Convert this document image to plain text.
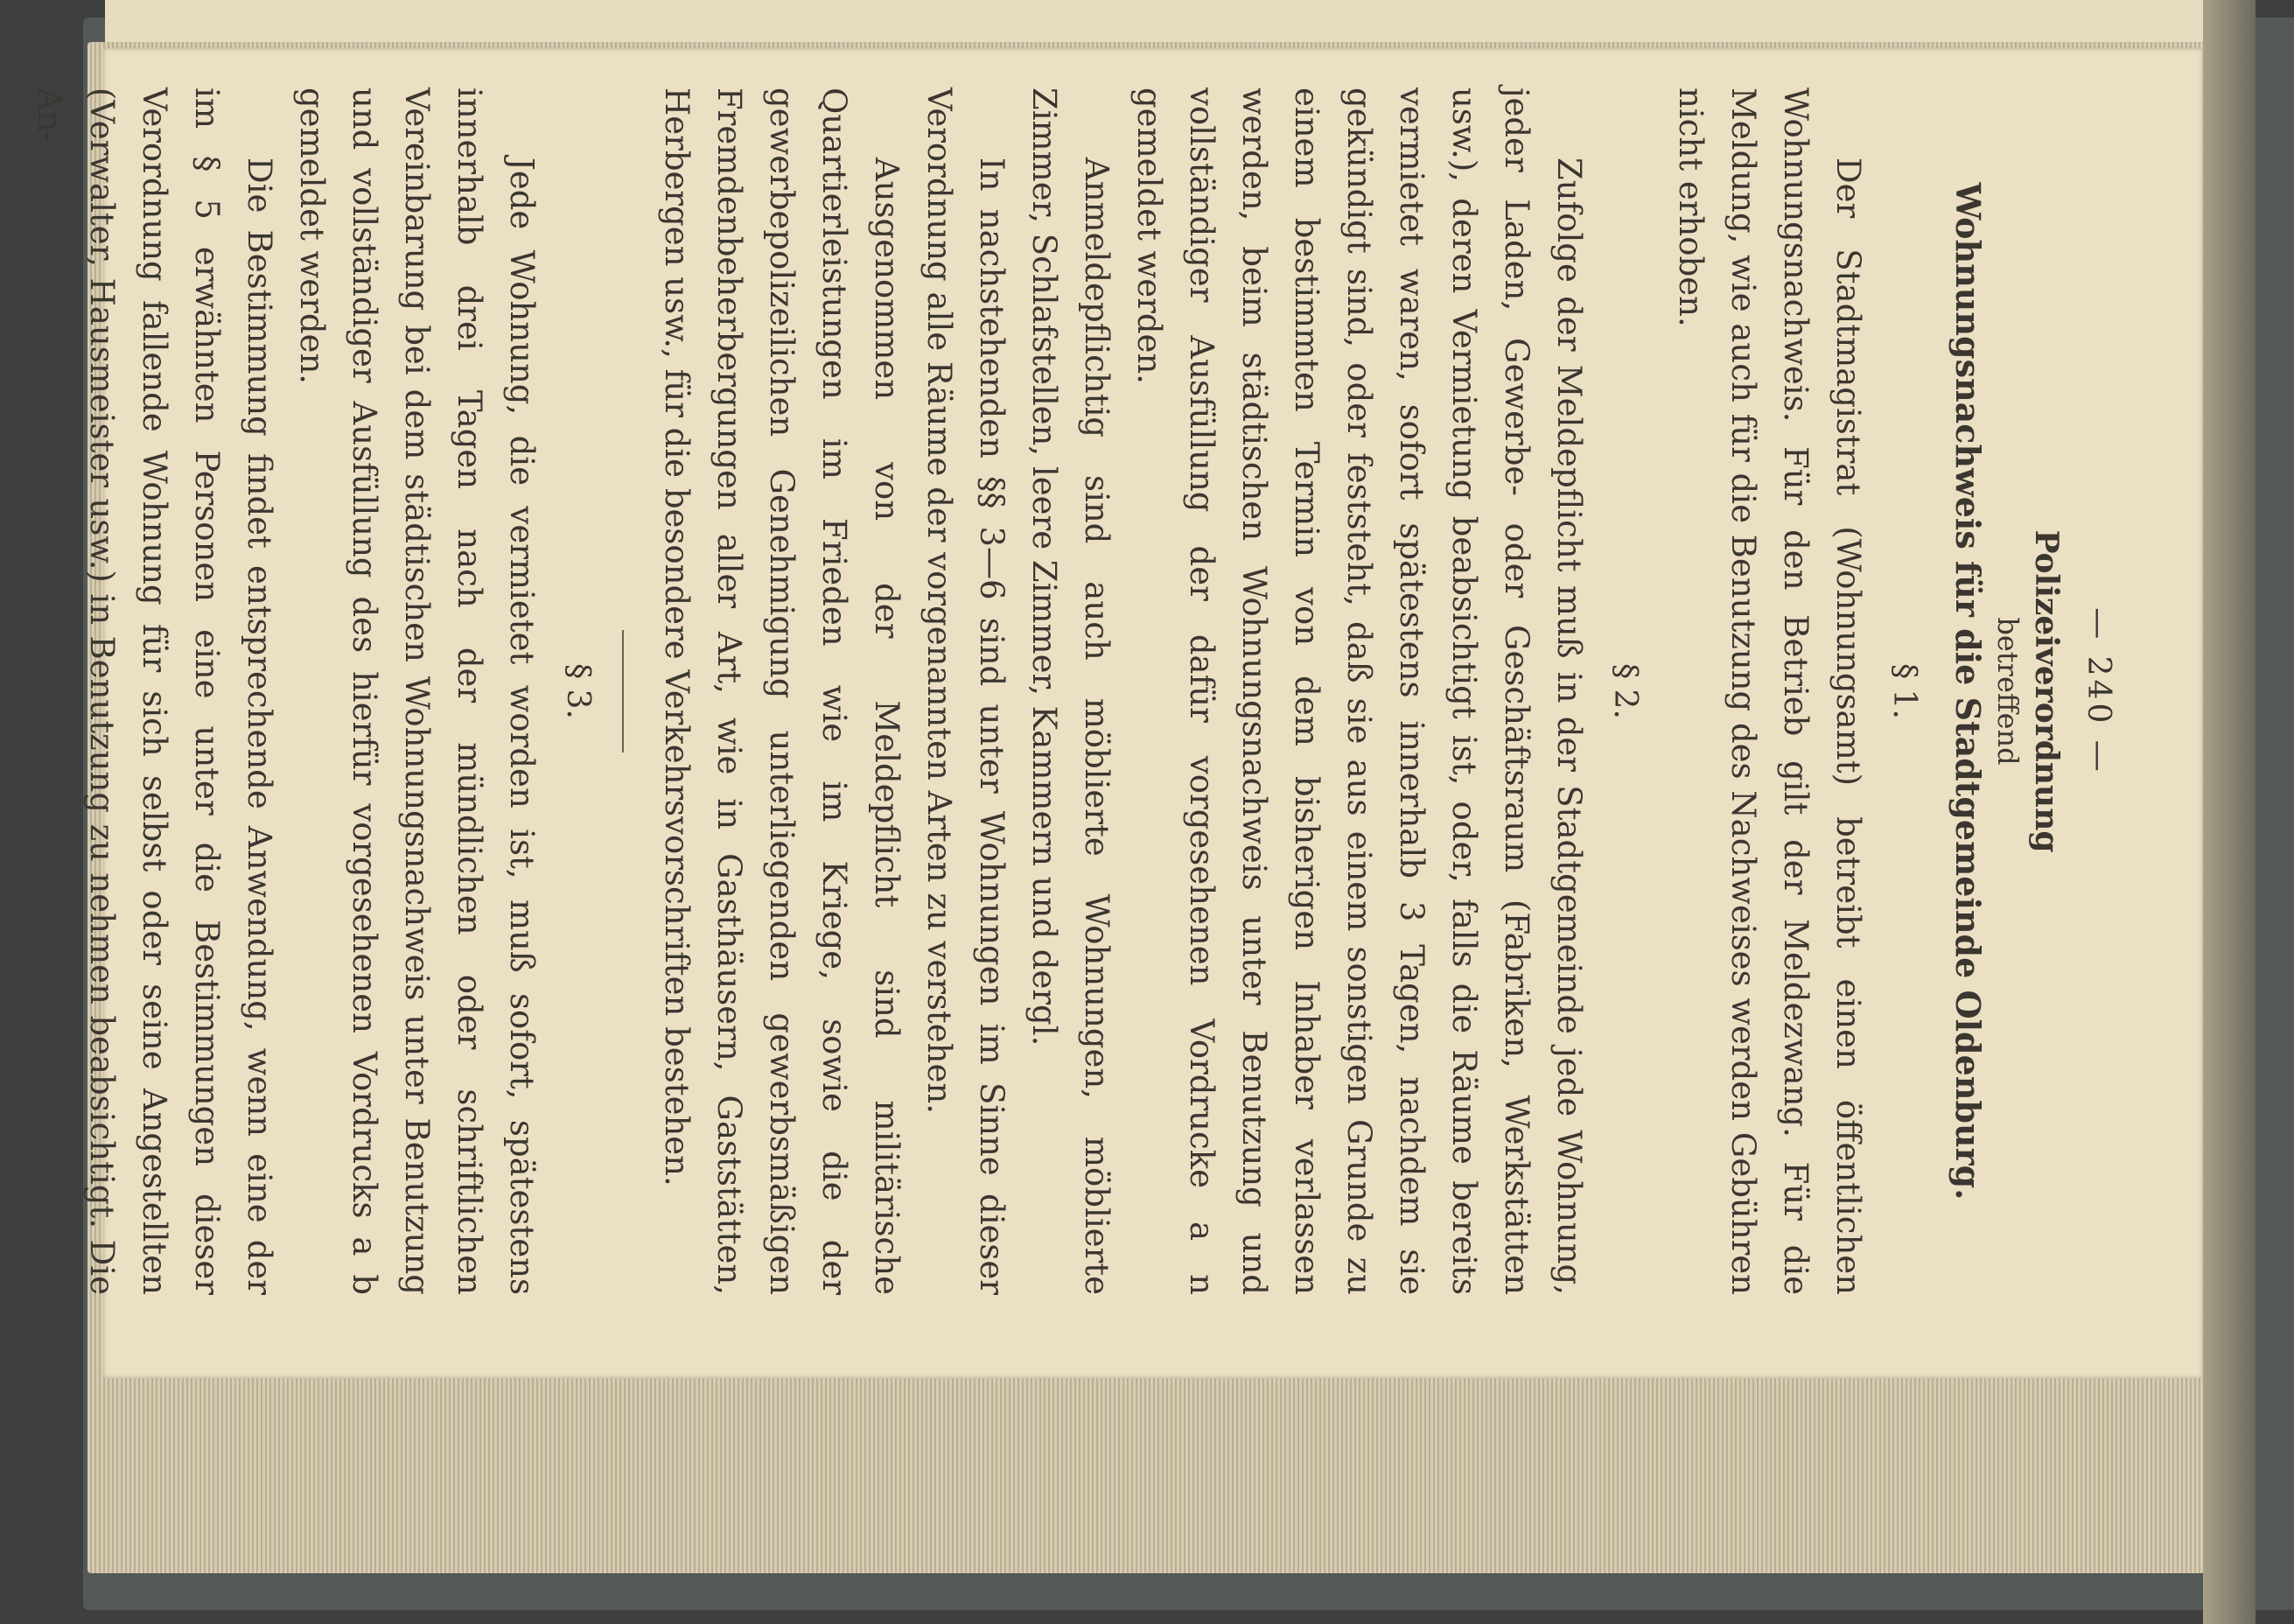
— 240 —

Polizeiverordnung

betreffend

Wohnungsnachweis für die Stadtgemeinde Oldenburg.

§ 1.

Der Stadtmagistrat (Wohnungsamt) betreibt einen öffentlichen Wohnungsnachweis. Für den Betrieb gilt der Meldezwang. Für die Meldung, wie auch für die Benutzung des Nachweises werden Gebühren nicht erhoben.

§ 2.

Zufolge der Meldepflicht muß in der Stadtgemeinde jede Wohnung, jeder Laden, Gewerbe- oder Geschäftsraum (Fabriken, Werkstätten usw.), deren Vermietung beabsichtigt ist, oder, falls die Räume bereits vermietet waren, sofort spätestens innerhalb 3 Tagen, nachdem sie gekündigt sind, oder feststeht, daß sie aus einem sonstigen Grunde zu einem bestimmten Termin von dem bisherigen Inhaber verlassen werden, beim städtischen Wohnungsnachweis unter Benutzung und vollständiger Ausfüllung der dafür vorgesehenen Vordrucke a n gemeldet werden.

Anmeldepflichtig sind auch möblierte Wohnungen, möblierte Zimmer, Schlafstellen, leere Zimmer, Kammern und dergl.

In nachstehenden §§ 3—6 sind unter Wohnungen im Sinne dieser Verordnung alle Räume der vorgenannten Arten zu verstehen.

Ausgenommen von der Meldepflicht sind militärische Quartierleistungen im Frieden wie im Kriege, sowie die der gewerbepolizeilichen Genehmigung unterliegenden gewerbsmäßigen Fremdenbeherbergungen aller Art, wie in Gasthäusern, Gaststätten, Herbergen usw., für die besondere Verkehrsvorschriften bestehen.

§ 3.

Jede Wohnung, die vermietet worden ist, muß sofort, spätestens innerhalb drei Tagen nach der mündlichen oder schriftlichen Vereinbarung bei dem städtischen Wohnungsnachweis unter Benutzung und vollständiger Ausfüllung des hierfür vorgesehenen Vordrucks a b gemeldet werden.

Die Bestimmung findet entsprechende Anwendung, wenn eine der im § 5 erwähnten Personen eine unter die Bestimmungen dieser Verordnung fallende Wohnung für sich selbst oder seine Angestellten (Verwalter, Hausmeister usw.) in Benutzung zu nehmen beabsichtigt. Die An-
